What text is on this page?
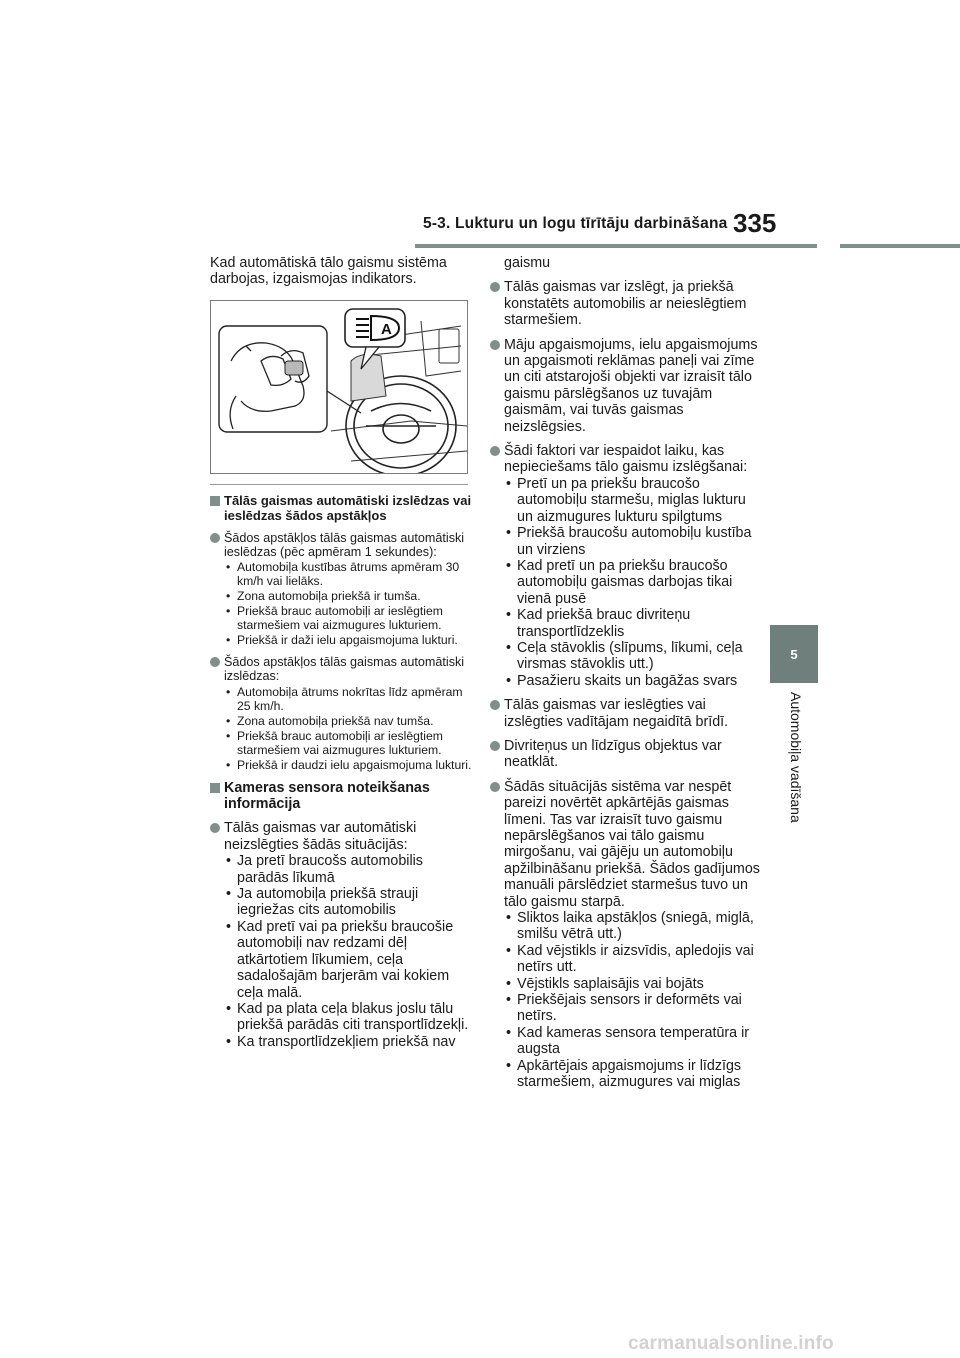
5-3. Lukturu un logu tīrītāju darbināšana 335
5
Automobiļa vadīšana

Kad automātiskā tālo gaismu sistēma darbojas, izgaismojas indikators.

A
Tālās gaismas automātiski izslēdzas vai ieslēdzas šādos apstākļos
Šādos apstākļos tālās gaismas automātiski ieslēdzas (pēc apmēram 1 sekundes):
• Automobiļa kustības ātrums apmēram 30 km/h vai lielāks.
• Zona automobiļa priekšā ir tumša.
• Priekšā brauc automobiļi ar ieslēgtiem starmešiem vai aizmugures lukturiem.
• Priekšā ir daži ielu apgaismojuma lukturi.
Šādos apstākļos tālās gaismas automātiski izslēdzas:
• Automobiļa ātrums nokrītas līdz apmēram 25 km/h.
• Zona automobiļa priekšā nav tumša.
• Priekšā brauc automobiļi ar ieslēgtiem starmešiem vai aizmugures lukturiem.
• Priekšā ir daudzi ielu apgaismojuma lukturi.
Kameras sensora noteikšanas informācija
Tālās gaismas var automātiski neizslēgties šādās situācijās:
• Ja pretī braucošs automobilis parādās līkumā
• Ja automobiļa priekšā strauji iegriežas cits automobilis
• Kad pretī vai pa priekšu braucošie automobiļi nav redzami dēļ atkārtotiem līkumiem, ceļa sadalošajām barjerām vai kokiem ceļa malā.
• Kad pa plata ceļa blakus joslu tālu priekšā parādās citi transportlīdzekļi.
• Ka transportlīdzekļiem priekšā nav

gaismu

Tālās gaismas var izslēgt, ja priekšā konstatēts automobilis ar neieslēgtiem starmešiem.
Māju apgaismojums, ielu apgaismojums un apgaismoti reklāmas paneļi vai zīme un citi atstarojoši objekti var izraisīt tālo gaismu pārslēgšanos uz tuvajām gaismām, vai tuvās gaismas neizslēgsies.
Šādi faktori var iespaidot laiku, kas nepieciešams tālo gaismu izslēgšanai:
• Pretī un pa priekšu braucošo automobiļu starmešu, miglas lukturu un aizmugures lukturu spilgtums
• Priekšā braucošu automobiļu kustība un virziens
• Kad pretī un pa priekšu braucošo automobiļu gaismas darbojas tikai vienā pusē
• Kad priekšā brauc divriteņu transportlīdzeklis
• Ceļa stāvoklis (slīpums, līkumi, ceļa virsmas stāvoklis utt.)
• Pasažieru skaits un bagāžas svars
Tālās gaismas var ieslēgties vai izslēgties vadītājam negaidītā brīdī.
Divriteņus un līdzīgus objektus var neatklāt.
Šādās situācijās sistēma var nespēt pareizi novērtēt apkārtējās gaismas līmeni. Tas var izraisīt tuvo gaismu nepārslēgšanos vai tālo gaismu mirgošanu, vai gājēju un automobiļu apžilbināšanu priekšā. Šādos gadījumos manuāli pārslēdziet starmešus tuvo un tālo gaismu starpā.
• Sliktos laika apstākļos (sniegā, miglā, smilšu vētrā utt.)
• Kad vējstikls ir aizsvīdis, apledojis vai netīrs utt.
• Vējstikls saplaisājis vai bojāts
• Priekšējais sensors ir deformēts vai netīrs.
• Kad kameras sensora temperatūra ir augsta
• Apkārtējais apgaismojums ir līdzīgs starmešiem, aizmugures vai miglas
carmanualsonline.info
